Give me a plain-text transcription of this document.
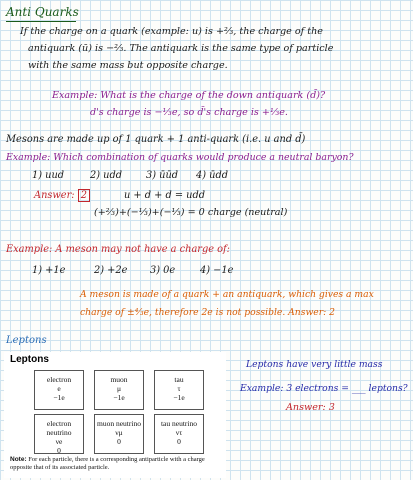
Anti Quarks
If the charge on a quark (example: u) is +⅔, the charge of the
antiquark (ū) is −⅔. The antiquark is the same type of particle
with the same mass but opposite charge.
Example: What is the charge of the down antiquark (d̄)?
d's charge is −⅓e, so d̄'s charge is +⅓e.
Mesons are made up of 1 quark + 1 anti-quark (i.e. u and d̄)
Example: Which combination of quarks would produce a neutral baryon?
1) uud	2) udd 3) ūūd 4) ūdd
Answer: 2	u + d + d = udd
(+⅔)+(−⅓)+(−⅓) = 0 charge (neutral)
Example: A meson may not have a charge of:
1) +1e	2) +2e 3) 0e	4) −1e
A meson is made of a quark + an antiquark, which gives a max
charge of ±⁴⁄₃e, therefore 2e is not possible. Answer: 2
Leptons
Leptons
electron
e
−1e
muon
μ
−1e
tau
τ
−1e
electron neutrino
νe
0
muon neutrino
νμ
0
tau neutrino
ντ
0
Note: For each particle, there is a corresponding antiparticle with a charge opposite that of its associated particle.
Leptons have very little mass
Example: 3 electrons = ___ leptons?
Answer: 3
